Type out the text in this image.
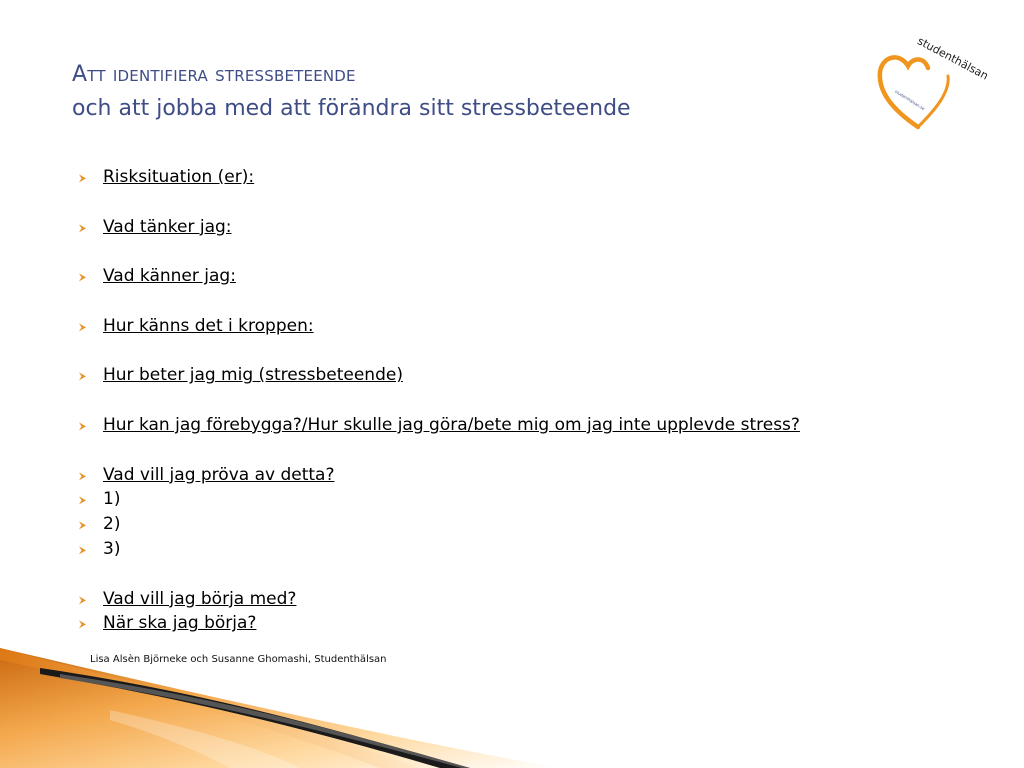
Att identifiera stressbeteende
och att jobba med att förändra sitt stressbeteende
studenthälsan
studenthälsan.se
Risksituation (er):
Vad tänker jag:
Vad känner jag:
Hur känns det i kroppen:
Hur beter jag mig (stressbeteende)
Hur kan jag förebygga?/Hur skulle jag göra/bete mig om jag inte upplevde stress?
Vad vill jag pröva av detta?
1)
2)
3)
Vad vill jag börja med?
När ska jag börja?
Lisa Alsèn Björneke och Susanne Ghomashi, Studenthälsan
